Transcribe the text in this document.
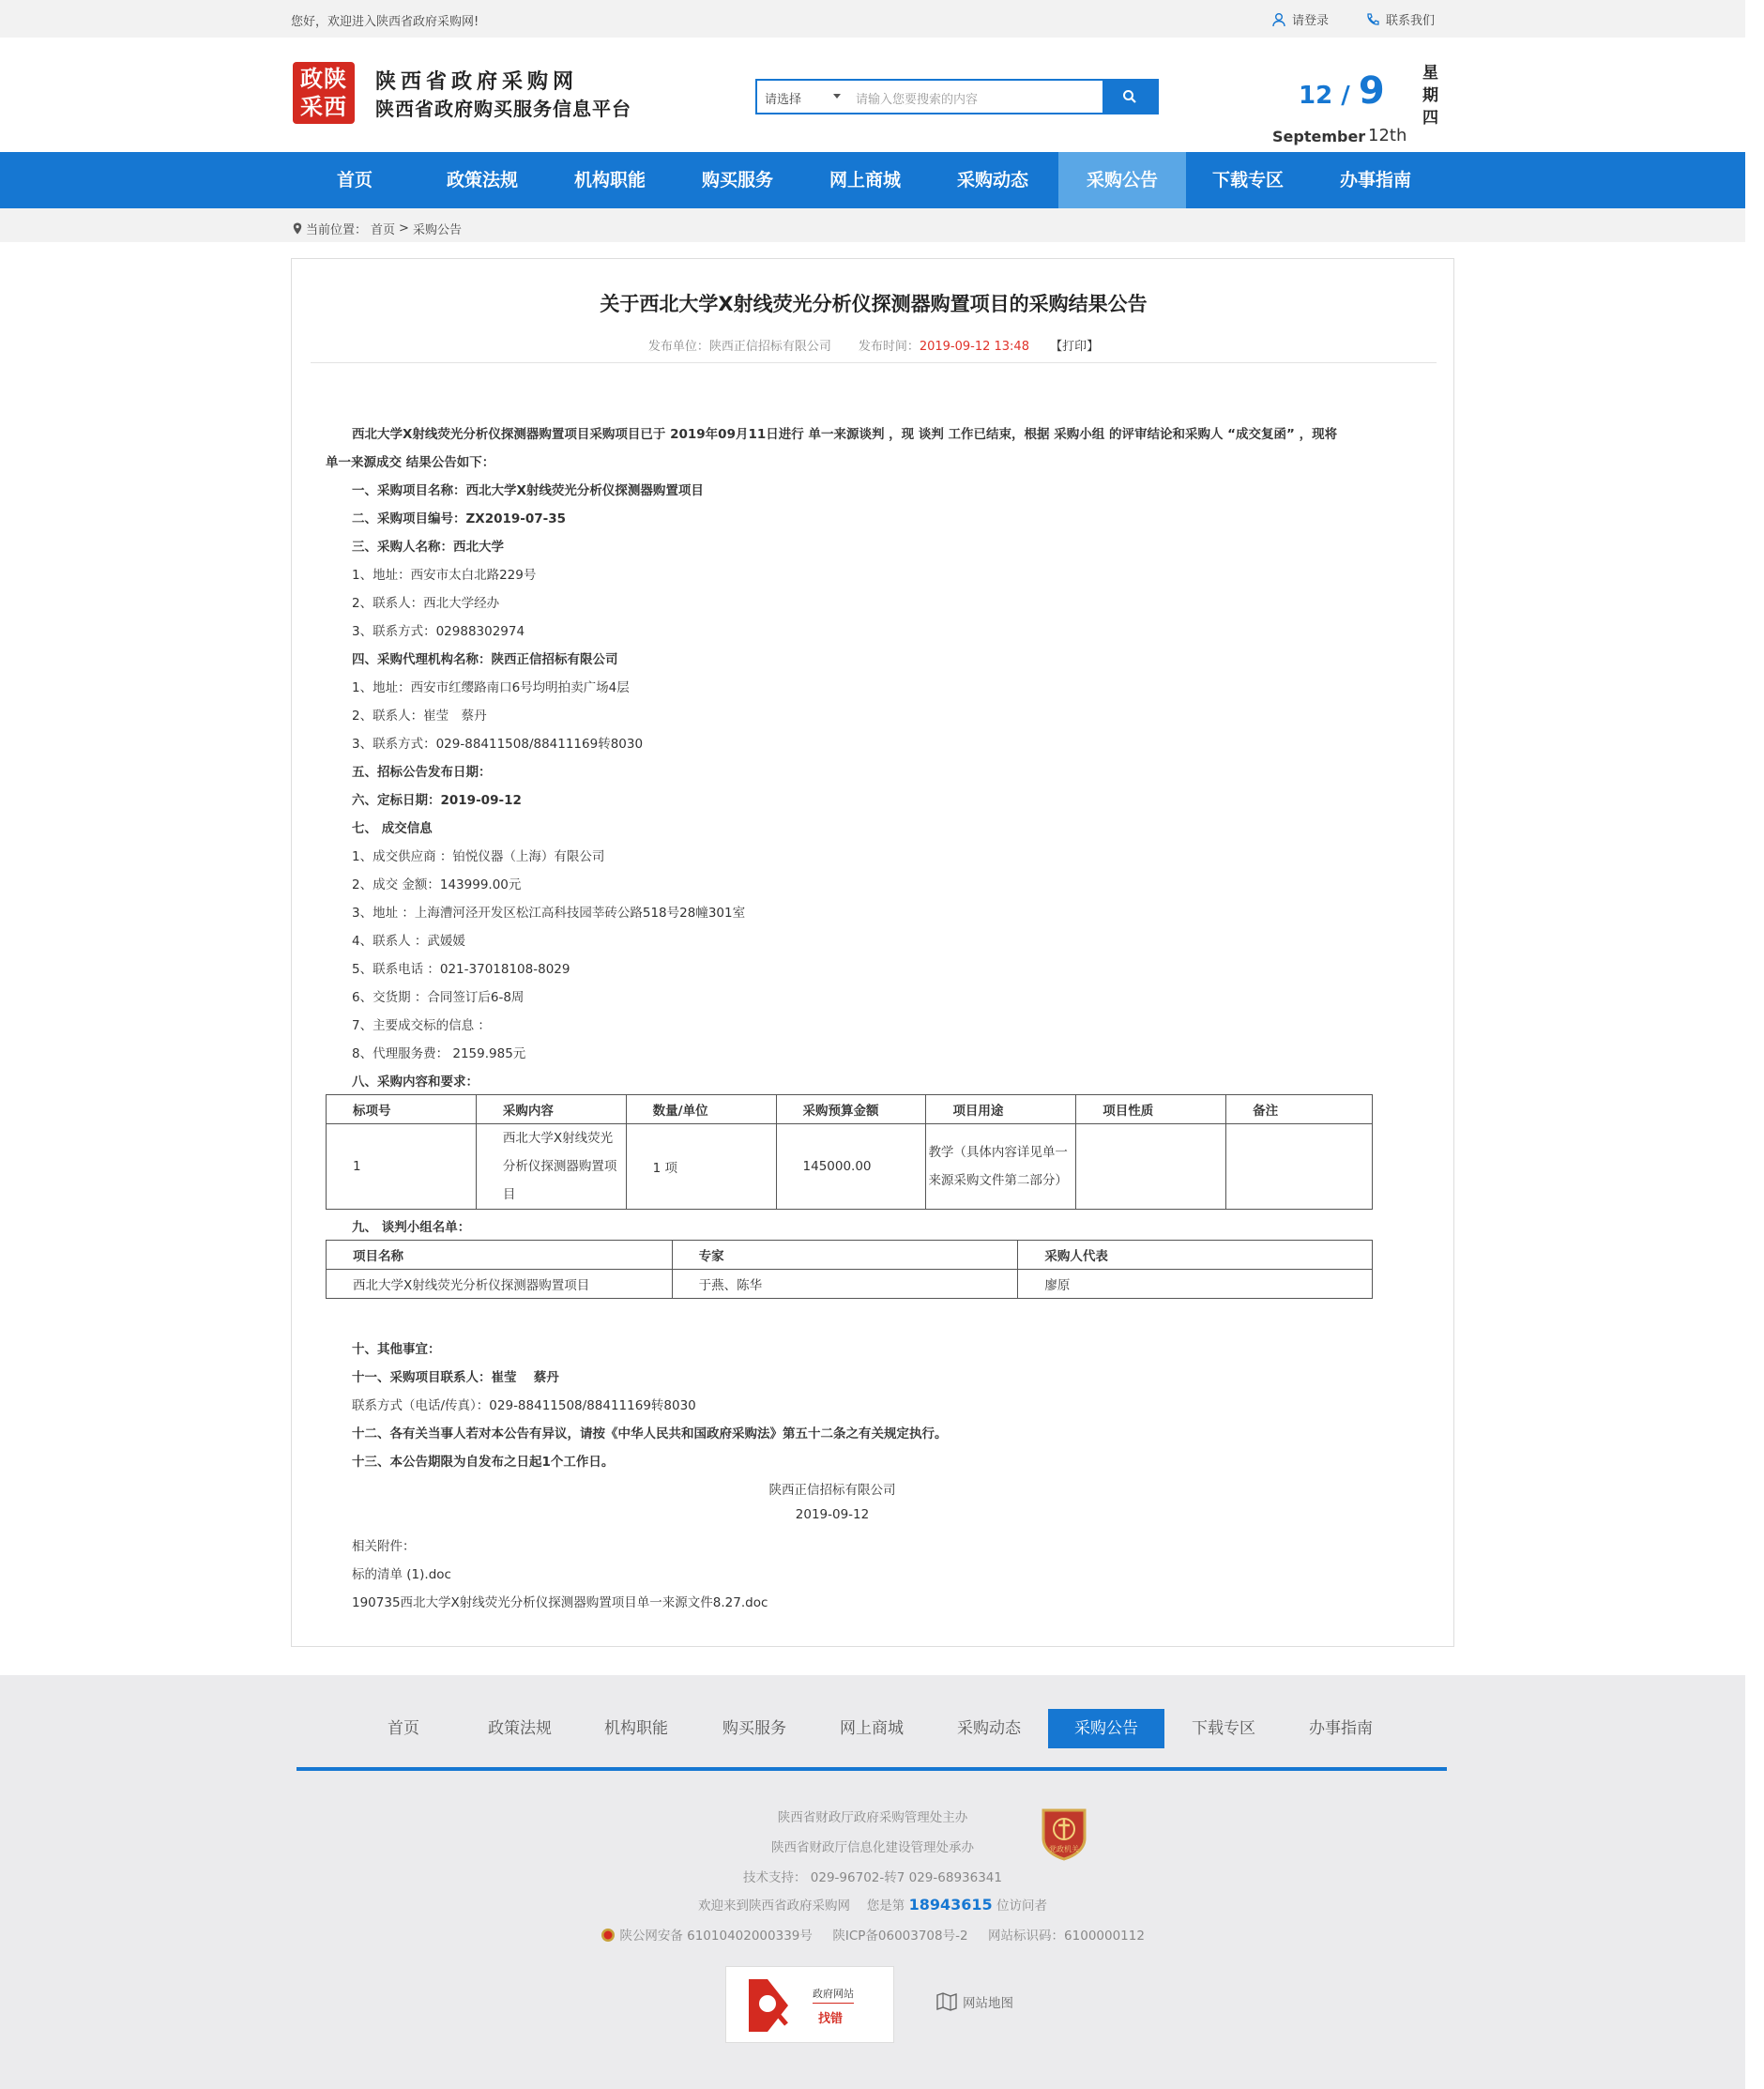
您好，欢迎进入陕西省政府采购网!	请登录	联系我们
政陕
采西
陕西省政府采购网
陕西省政府购买服务信息平台	请选择	请输入您要搜索的内容	12 / 9
September 12th
星
期
四
首页	政策法规	机构职能	购买服务	网上商城	采购动态	采购公告	下载专区	办事指南
当前位置： 首页 > 采购公告
关于西北大学X射线荧光分析仪探测器购置项目的采购结果公告
发布单位：陕西正信招标有限公司 发布时间：2019-09-12 13:48 【打印】
西北大学X射线荧光分析仪探测器购置项目采购项目已于 2019年09月11日进行 单一来源谈判 ，现 谈判 工作已结束，根据 采购小组 的评审结论和采购人 “成交复函” ，现将
单一来源成交 结果公告如下：
一、采购项目名称：西北大学X射线荧光分析仪探测器购置项目
二、采购项目编号：ZX2019-07-35
三、采购人名称：西北大学
1、地址：西安市太白北路229号
2、联系人：西北大学经办
3、联系方式：02988302974
四、采购代理机构名称：陕西正信招标有限公司
1、地址：西安市红缨路南口6号均明拍卖广场4层
2、联系人：崔莹　蔡丹
3、联系方式：029-88411508/88411169转8030
五、招标公告发布日期：
六、定标日期：2019-09-12
七、 成交信息
1、成交供应商 ：铂悦仪器（上海）有限公司
2、成交 金额：143999.00元
3、地址 ：上海漕河泾开发区松江高科技园莘砖公路518号28幢301室
4、联系人 ：武媛媛
5、联系电话 ：021-37018108-8029
6、交货期 ：合同签订后6-8周
7、主要成交标的信息 ：
8、代理服务费： 2159.985元
八、采购内容和要求：
标项号	采购内容	数量/单位	采购预算金额	项目用途	项目性质	备注
1	西北大学X射线荧光分析仪探测器购置项目	1 项	145000.00	教学（具体内容详见单一来源采购文件第二部分）		
九、 谈判小组名单：
项目名称	专家	采购人代表
西北大学X射线荧光分析仪探测器购置项目	于燕、陈华	廖原
十、其他事宜：
十一、采购项目联系人：崔莹　 蔡丹
联系方式（电话/传真）：029-88411508/88411169转8030
十二、各有关当事人若对本公告有异议，请按《中华人民共和国政府采购法》第五十二条之有关规定执行。
十三、本公告期限为自发布之日起1个工作日。
陕西正信招标有限公司
2019-09-12
相关附件：
标的清单 (1).doc
190735西北大学X射线荧光分析仪探测器购置项目单一来源文件8.27.doc
首页	政策法规	机构职能	购买服务	网上商城	采购动态	采购公告	下载专区	办事指南
陕西省财政厅政府采购管理处主办
陕西省财政厅信息化建设管理处承办
技术支持： 029-96702-转7 029-68936341
欢迎来到陕西省政府采购网　 您是第 18943615 位访问者
陕公网安备 61010402000339号 陕ICP备06003708号-2 网站标识码：6100000112
党政机关
政府网站
找错
网站地图
